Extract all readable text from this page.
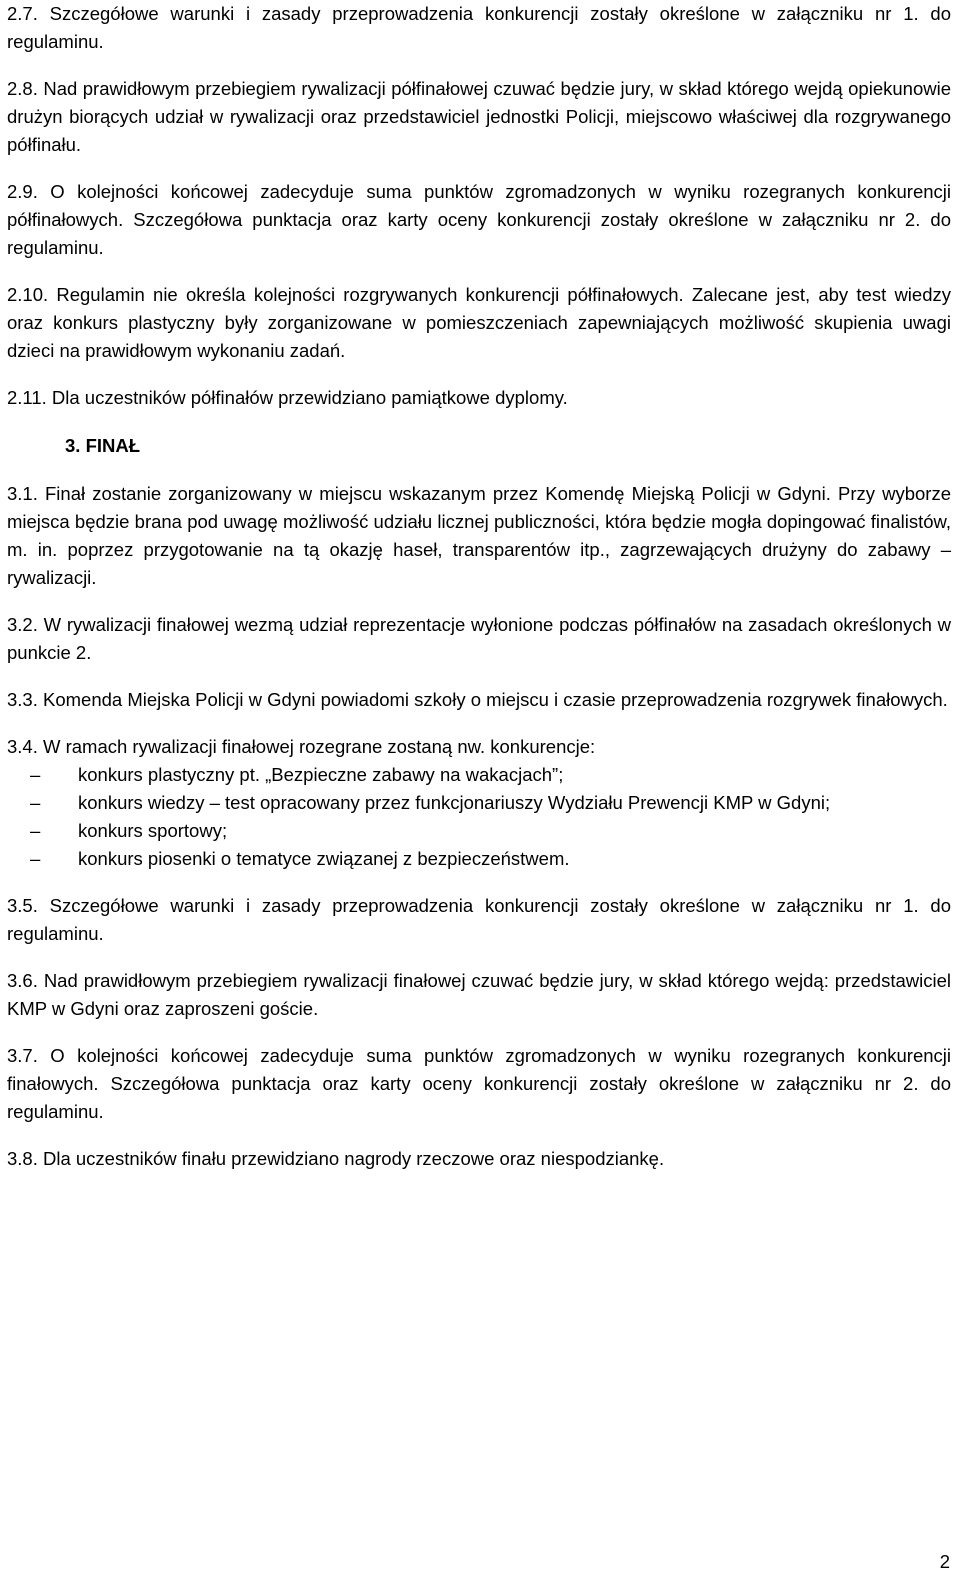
2.7. Szczegółowe warunki i zasady przeprowadzenia konkurencji zostały określone w załączniku nr 1. do regulaminu.

2.8. Nad prawidłowym przebiegiem rywalizacji półfinałowej czuwać będzie jury, w skład którego wejdą opiekunowie drużyn biorących udział w rywalizacji oraz przedstawiciel jednostki Policji, miejscowo właściwej dla rozgrywanego półfinału.

2.9. O kolejności końcowej zadecyduje suma punktów zgromadzonych w wyniku rozegranych konkurencji półfinałowych. Szczegółowa punktacja oraz karty oceny konkurencji zostały określone w załączniku nr 2. do regulaminu.

2.10. Regulamin nie określa kolejności rozgrywanych konkurencji półfinałowych. Zalecane jest, aby test wiedzy oraz konkurs plastyczny były zorganizowane w pomieszczeniach zapewniających możliwość skupienia uwagi dzieci na prawidłowym wykonaniu zadań.

2.11. Dla uczestników półfinałów przewidziano pamiątkowe dyplomy.

3. FINAŁ

3.1. Finał zostanie zorganizowany w miejscu wskazanym przez Komendę Miejską Policji w Gdyni. Przy wyborze miejsca będzie brana pod uwagę możliwość udziału licznej publiczności, która będzie mogła dopingować finalistów, m. in. poprzez przygotowanie na tą okazję haseł, transparentów itp., zagrzewających drużyny do zabawy – rywalizacji.

3.2. W rywalizacji finałowej wezmą udział reprezentacje wyłonione podczas półfinałów na zasadach określonych w punkcie 2.

3.3. Komenda Miejska Policji w Gdyni powiadomi szkoły o miejscu i czasie przeprowadzenia rozgrywek finałowych.

3.4. W ramach rywalizacji finałowej rozegrane zostaną nw. konkurencje:

– konkurs plastyczny pt. „Bezpieczne zabawy na wakacjach”;
– konkurs wiedzy – test opracowany przez funkcjonariuszy Wydziału Prewencji KMP w Gdyni;
– konkurs sportowy;
– konkurs piosenki o tematyce związanej z bezpieczeństwem.

3.5. Szczegółowe warunki i zasady przeprowadzenia konkurencji zostały określone w załączniku nr 1. do regulaminu.

3.6. Nad prawidłowym przebiegiem rywalizacji finałowej czuwać będzie jury, w skład którego wejdą: przedstawiciel KMP w Gdyni oraz zaproszeni goście.

3.7. O kolejności końcowej zadecyduje suma punktów zgromadzonych w wyniku rozegranych konkurencji finałowych. Szczegółowa punktacja oraz karty oceny konkurencji zostały określone w załączniku nr 2. do regulaminu.

3.8. Dla uczestników finału przewidziano nagrody rzeczowe oraz niespodziankę.

2
